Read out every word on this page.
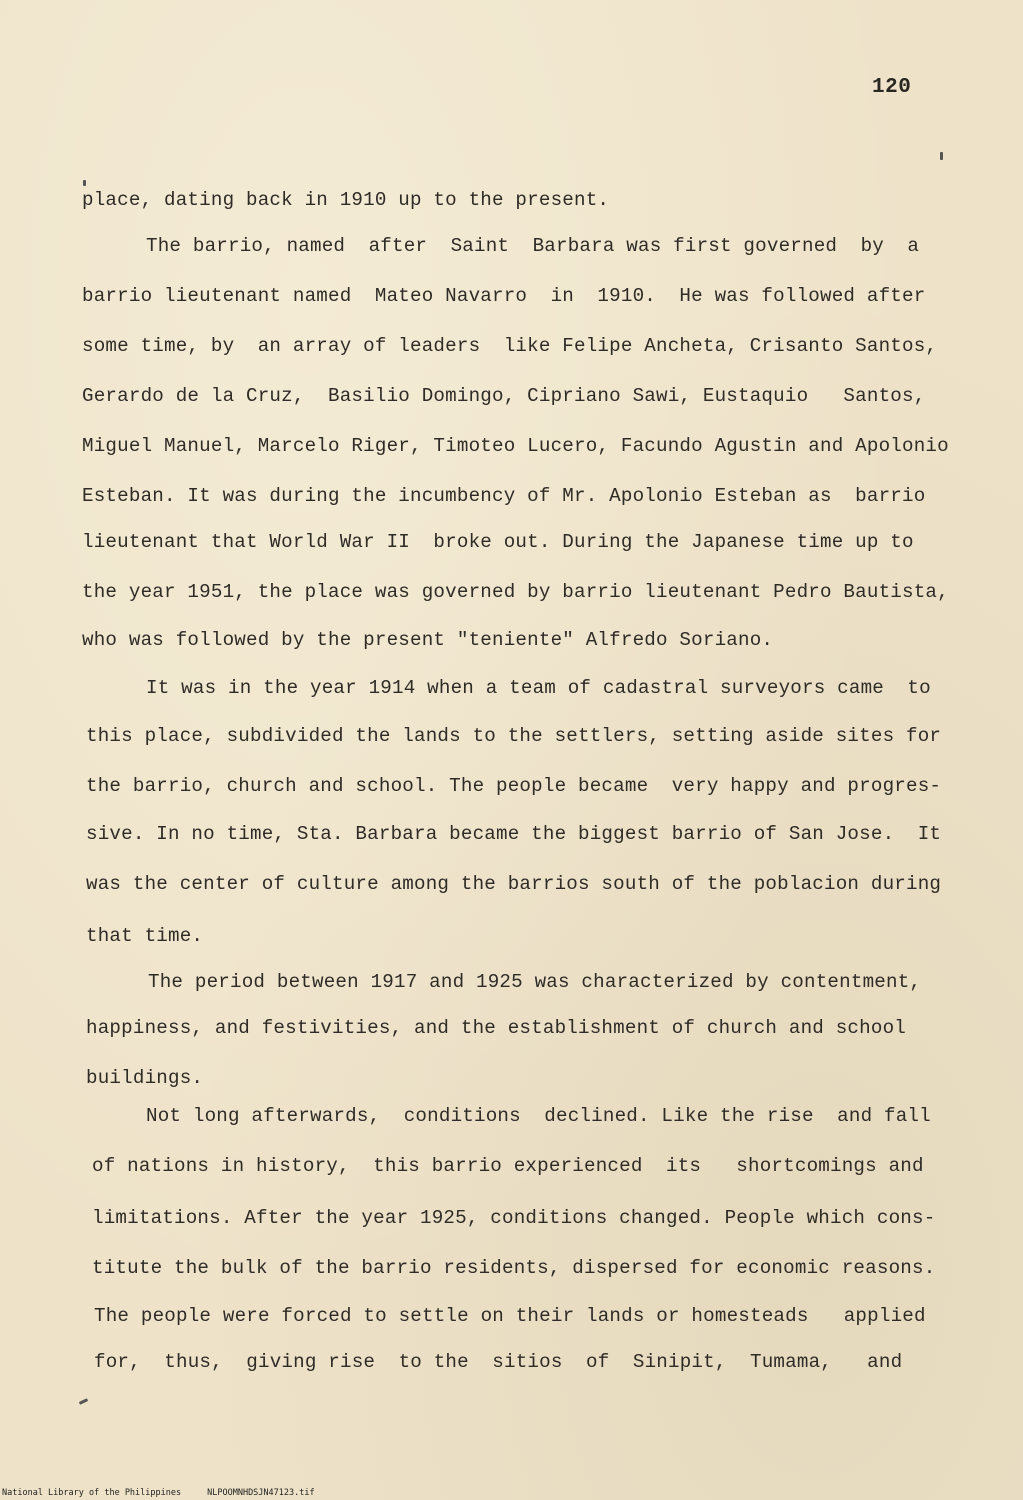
120
place, dating back in 1910 up to the present.
The barrio, named  after  Saint  Barbara was first governed  by  a
barrio lieutenant named  Mateo Navarro  in  1910.  He was followed after
some time, by  an array of leaders  like Felipe Ancheta, Crisanto Santos,
Gerardo de la Cruz,  Basilio Domingo, Cipriano Sawi, Eustaquio   Santos,
Miguel Manuel, Marcelo Riger, Timoteo Lucero, Facundo Agustin and Apolonio
Esteban. It was during the incumbency of Mr. Apolonio Esteban as  barrio
lieutenant that World War II  broke out. During the Japanese time up to
the year 1951, the place was governed by barrio lieutenant Pedro Bautista,
who was followed by the present "teniente" Alfredo Soriano.
It was in the year 1914 when a team of cadastral surveyors came  to
this place, subdivided the lands to the settlers, setting aside sites for
the barrio, church and school. The people became  very happy and progres-
sive. In no time, Sta. Barbara became the biggest barrio of San Jose.  It
was the center of culture among the barrios south of the poblacion during
that time.
The period between 1917 and 1925 was characterized by contentment,
happiness, and festivities, and the establishment of church and school
buildings.
Not long afterwards,  conditions  declined. Like the rise  and fall
of nations in history,  this barrio experienced  its   shortcomings and
limitations. After the year 1925, conditions changed. People which cons-
titute the bulk of the barrio residents, dispersed for economic reasons.
The people were forced to settle on their lands or homesteads   applied
for,  thus,  giving rise  to the  sitios  of  Sinipit,  Tumama,   and
National Library of the Philippines	NLPOOMNHDSJN47123.tif
